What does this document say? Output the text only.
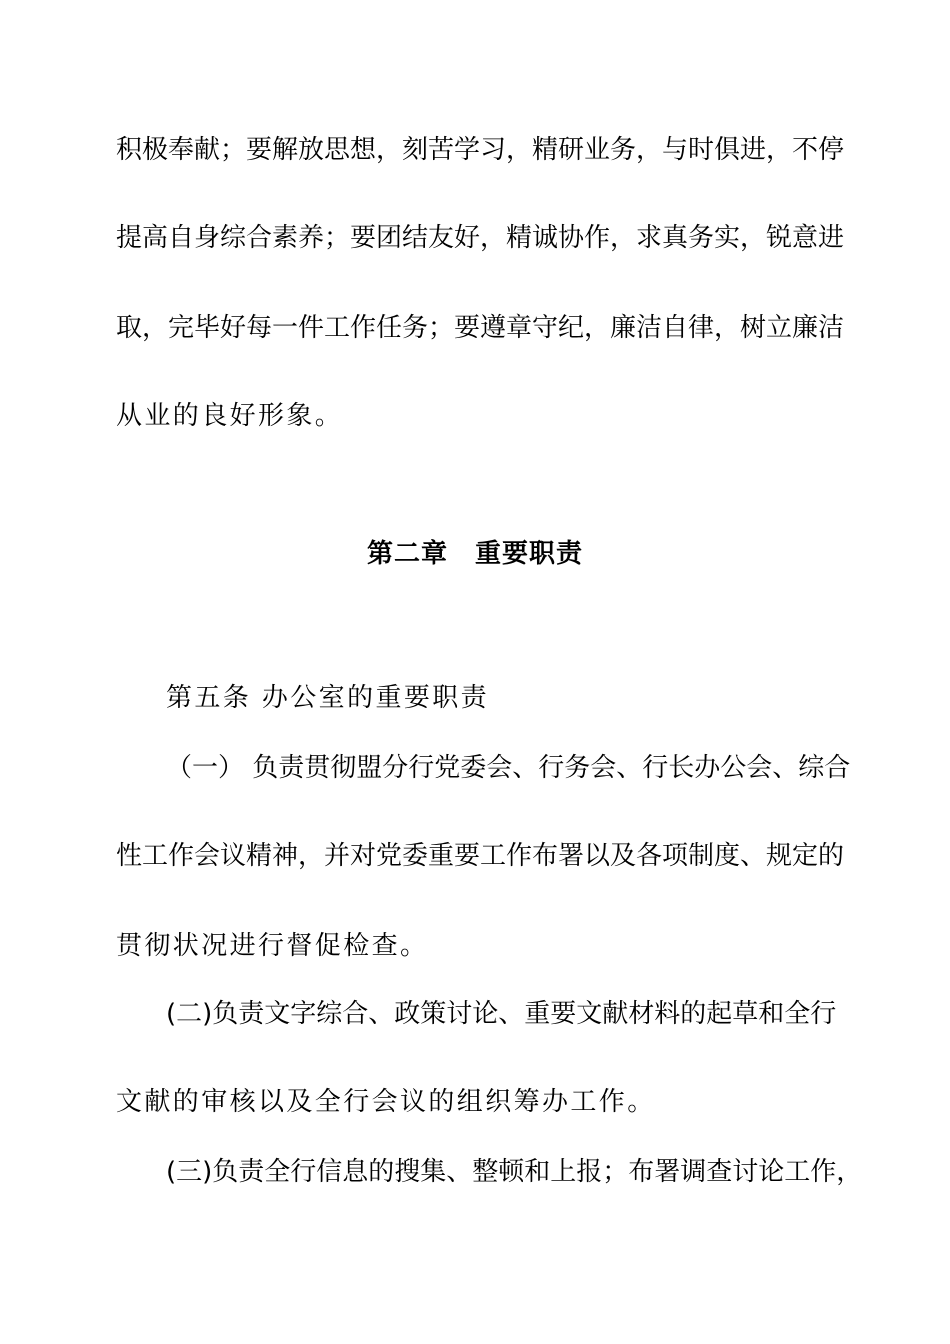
积极奉献；要解放思想，刻苦学习，精研业务，与时俱进，不停
提高自身综合素养；要团结友好，精诚协作，求真务实，锐意进
取，完毕好每一件工作任务；要遵章守纪，廉洁自律，树立廉洁
从业的良好形象。
第二章　重要职责
第五条 办公室的重要职责
（一） 负责贯彻盟分行党委会、行务会、行长办公会、综合
性工作会议精神，并对党委重要工作布署以及各项制度、规定的
贯彻状况进行督促检查。
(二)负责文字综合、政策讨论、重要文献材料的起草和全行
文献的审核以及全行会议的组织筹办工作。
(三)负责全行信息的搜集、整顿和上报；布署调查讨论工作，
